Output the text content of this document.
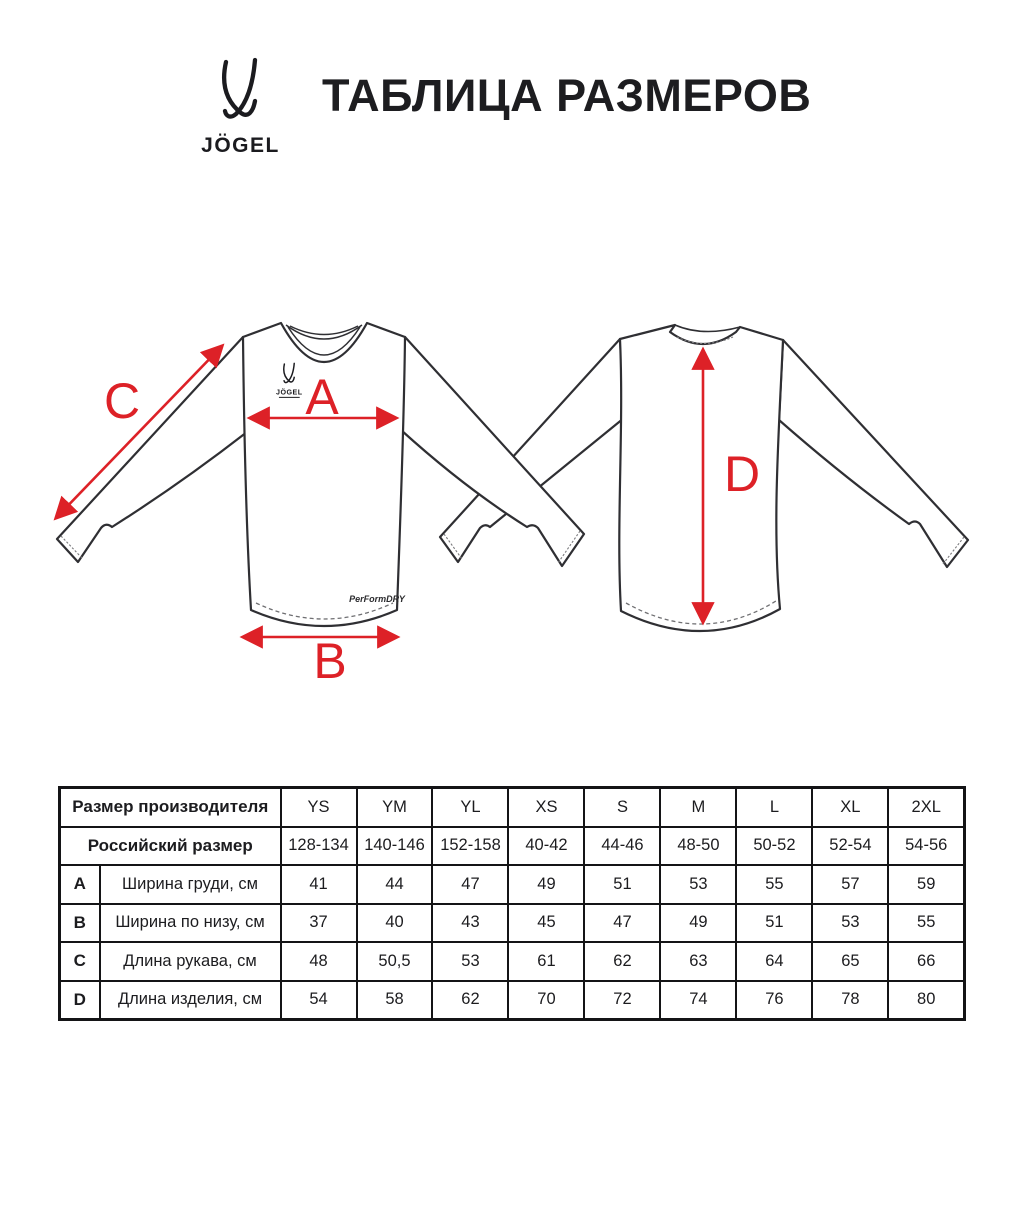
ТАБЛИЦА РАЗМЕРОВ
JÖGEL
JÖGEL
PerFormDRY
A
B
C
D
Размер производителя		YS	YM	YL	XS	S	M	L	XL	2XL
Российский размер		128-134	140-146	152-158	40-42	44-46	48-50	50-52	52-54	54-56
A	Ширина груди, см	41	44	47	49	51	53	55	57	59
B	Ширина по низу, см	37	40	43	45	47	49	51	53	55
C	Длина рукава, см	48	50,5	53	61	62	63	64	65	66
D	Длина изделия, см	54	58	62	70	72	74	76	78	80
